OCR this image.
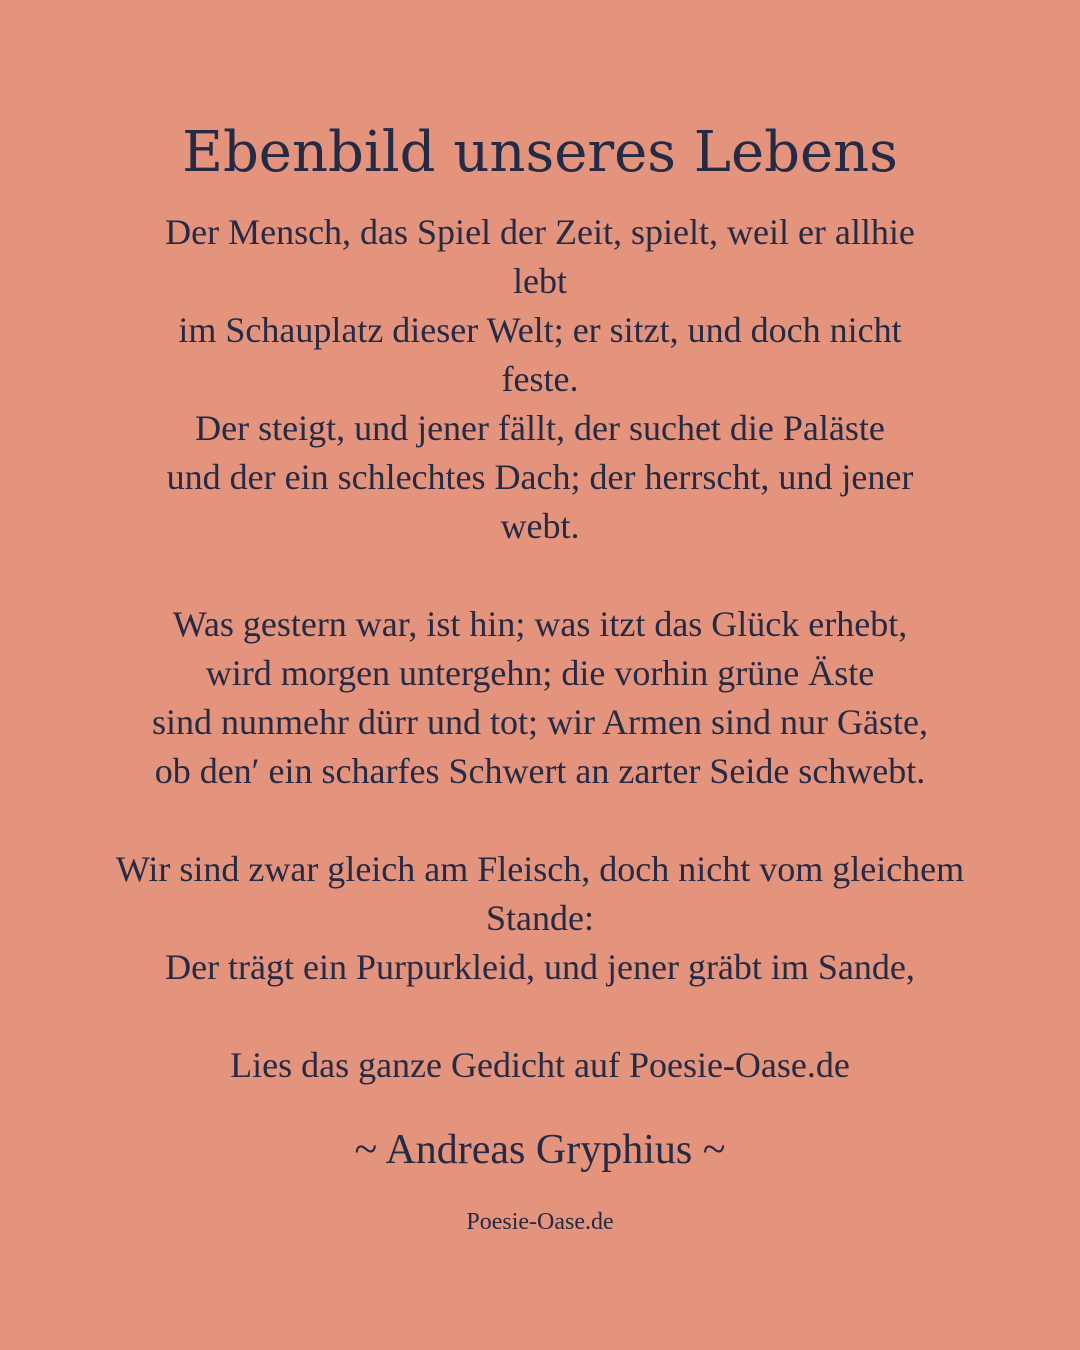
Ebenbild unseres Lebens

Der Mensch, das Spiel der Zeit, spielt, weil er allhie

lebt

im Schauplatz dieser Welt; er sitzt, und doch nicht

feste.

Der steigt, und jener fällt, der suchet die Paläste

und der ein schlechtes Dach; der herrscht, und jener

webt.

Was gestern war, ist hin; was itzt das Glück erhebt,

wird morgen untergehn; die vorhin grüne Äste

sind nunmehr dürr und tot; wir Armen sind nur Gäste,

ob den′ ein scharfes Schwert an zarter Seide schwebt.

Wir sind zwar gleich am Fleisch, doch nicht vom gleichem

Stande:

Der trägt ein Purpurkleid, und jener gräbt im Sande,

Lies das ganze Gedicht auf Poesie-Oase.de

~ Andreas Gryphius ~

Poesie-Oase.de
